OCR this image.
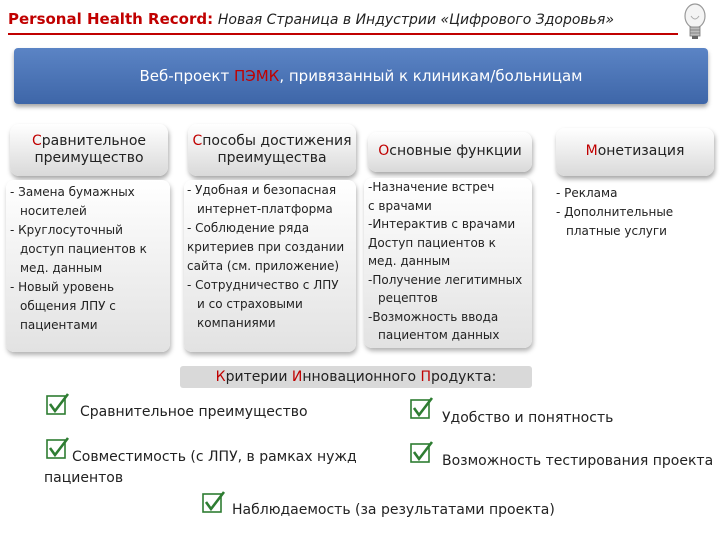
Personal Health Record: Новая Страница в Индустрии «Цифрового Здоровья»
Веб-проект ПЭМК, привязанный к клиникам/больницам
Сравнительное
преимущество
- Замена бумажных
носителей
- Круглосуточный
доступ пациентов к
мед. данным
- Новый уровень
общения ЛПУ с
пациентами
Способы достижения
преимущества
- Удобная и безопасная
интернет-платформа
- Соблюдение ряда
критериев при создании
сайта (см. приложение)
- Сотрудничество с ЛПУ
и со страховыми
компаниями
Основные функции
-Назначение встреч
с врачами
-Интерактив с врачами
Доступ пациентов к
мед. данным
-Получение легитимных
рецептов
-Возможность ввода
пациентом данных
Монетизация
- Реклама
- Дополнительные
платные услуги
Критерии Инновационного Продукта:
Сравнительное преимущество	Удобство и понятность
Совместимость (с ЛПУ, в рамках нужд
пациентов
Возможность тестирования проекта
Наблюдаемость (за результатами проекта)
